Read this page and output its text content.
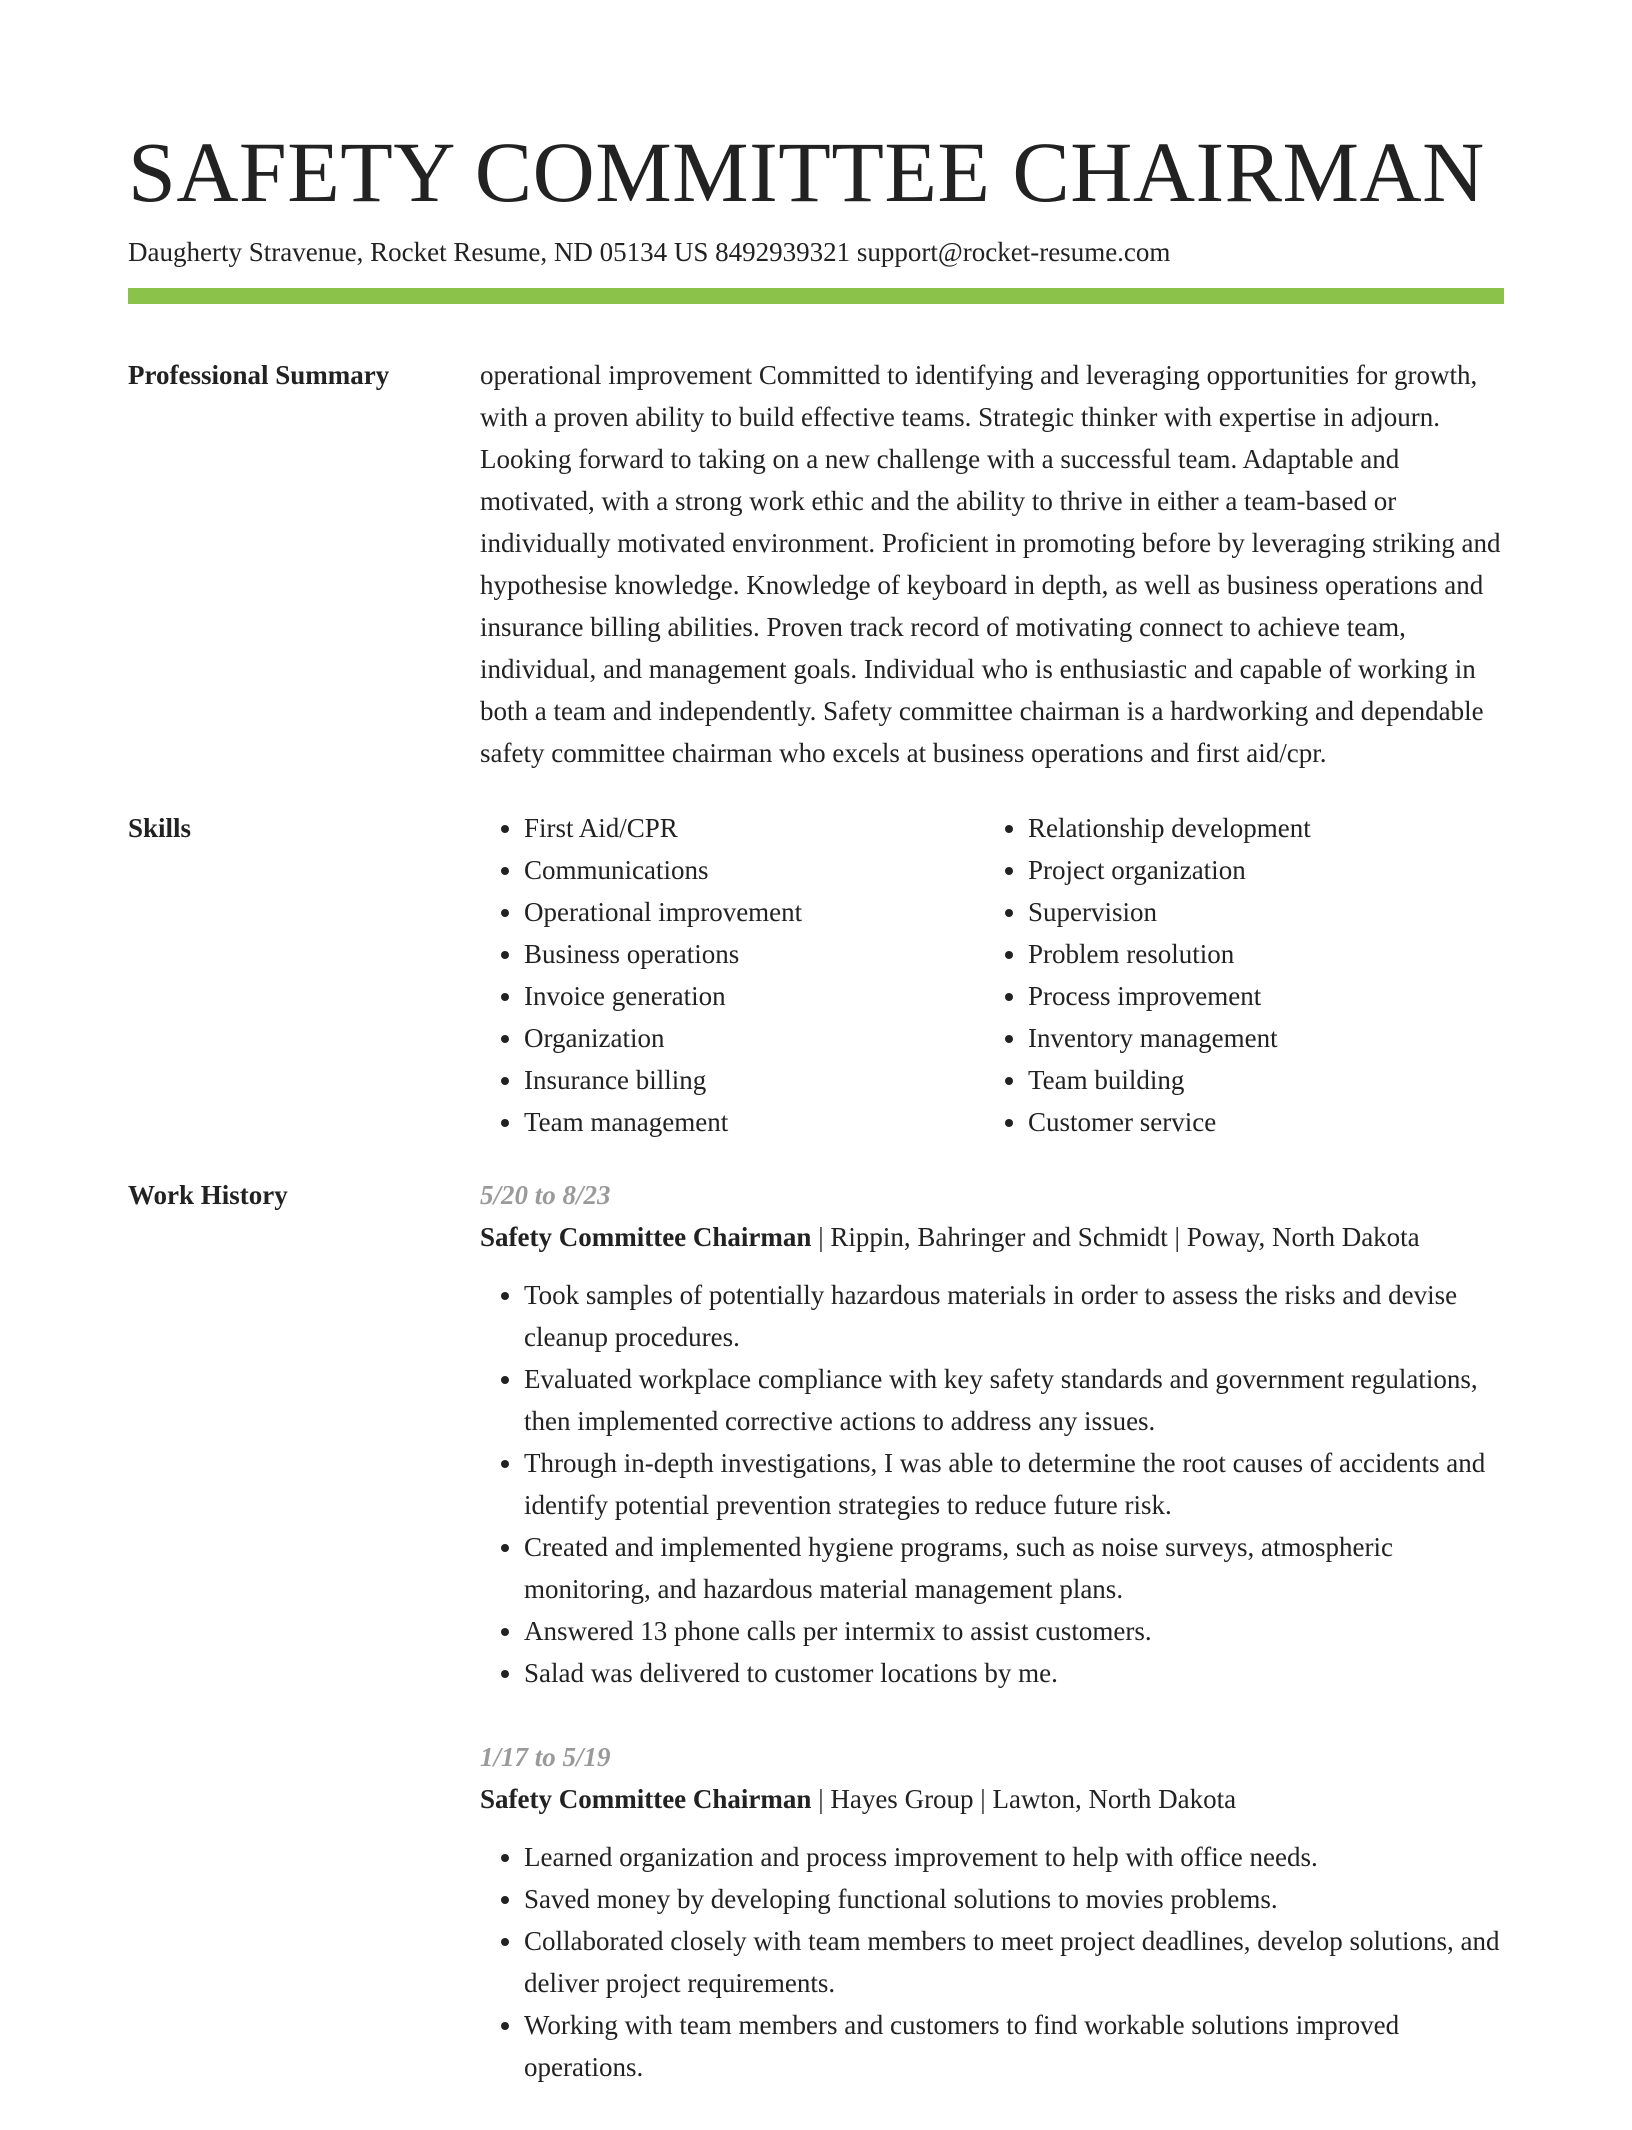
SAFETY COMMITTEE CHAIRMAN
Daugherty Stravenue, Rocket Resume, ND 05134 US 8492939321 support@rocket-resume.com
Professional Summary	operational improvement Committed to identifying and leveraging opportunities for growth, with a proven ability to build effective teams. Strategic thinker with expertise in adjourn. Looking forward to taking on a new challenge with a successful team. Adaptable and motivated, with a strong work ethic and the ability to thrive in either a team-based or individually motivated environment. Proficient in promoting before by leveraging striking and hypothesise knowledge. Knowledge of keyboard in depth, as well as business operations and insurance billing abilities. Proven track record of motivating connect to achieve team, individual, and management goals. Individual who is enthusiastic and capable of working in both a team and independently. Safety committee chairman is a hardworking and dependable safety committee chairman who excels at business operations and first aid/cpr.
Skills
•	First Aid/CPR
• Communications
• Operational improvement
• Business operations
• Invoice generation
• Organization
• Insurance billing
• Team management
• Relationship development
• Project organization
• Supervision
• Problem resolution
• Process improvement
• Inventory management
• Team building
• Customer service
Work History	5/20 to 8/23
Safety Committee Chairman | Rippin, Bahringer and Schmidt | Poway, North Dakota
• Took samples of potentially hazardous materials in order to assess the risks and devise cleanup procedures.
• Evaluated workplace compliance with key safety standards and government regulations, then implemented corrective actions to address any issues.
• Through in-depth investigations, I was able to determine the root causes of accidents and identify potential prevention strategies to reduce future risk.
• Created and implemented hygiene programs, such as noise surveys, atmospheric monitoring, and hazardous material management plans.
• Answered 13 phone calls per intermix to assist customers.
• Salad was delivered to customer locations by me.
1/17 to 5/19
Safety Committee Chairman | Hayes Group | Lawton, North Dakota
• Learned organization and process improvement to help with office needs.
• Saved money by developing functional solutions to movies problems.
• Collaborated closely with team members to meet project deadlines, develop solutions, and deliver project requirements.
• Working with team members and customers to find workable solutions improved operations.
